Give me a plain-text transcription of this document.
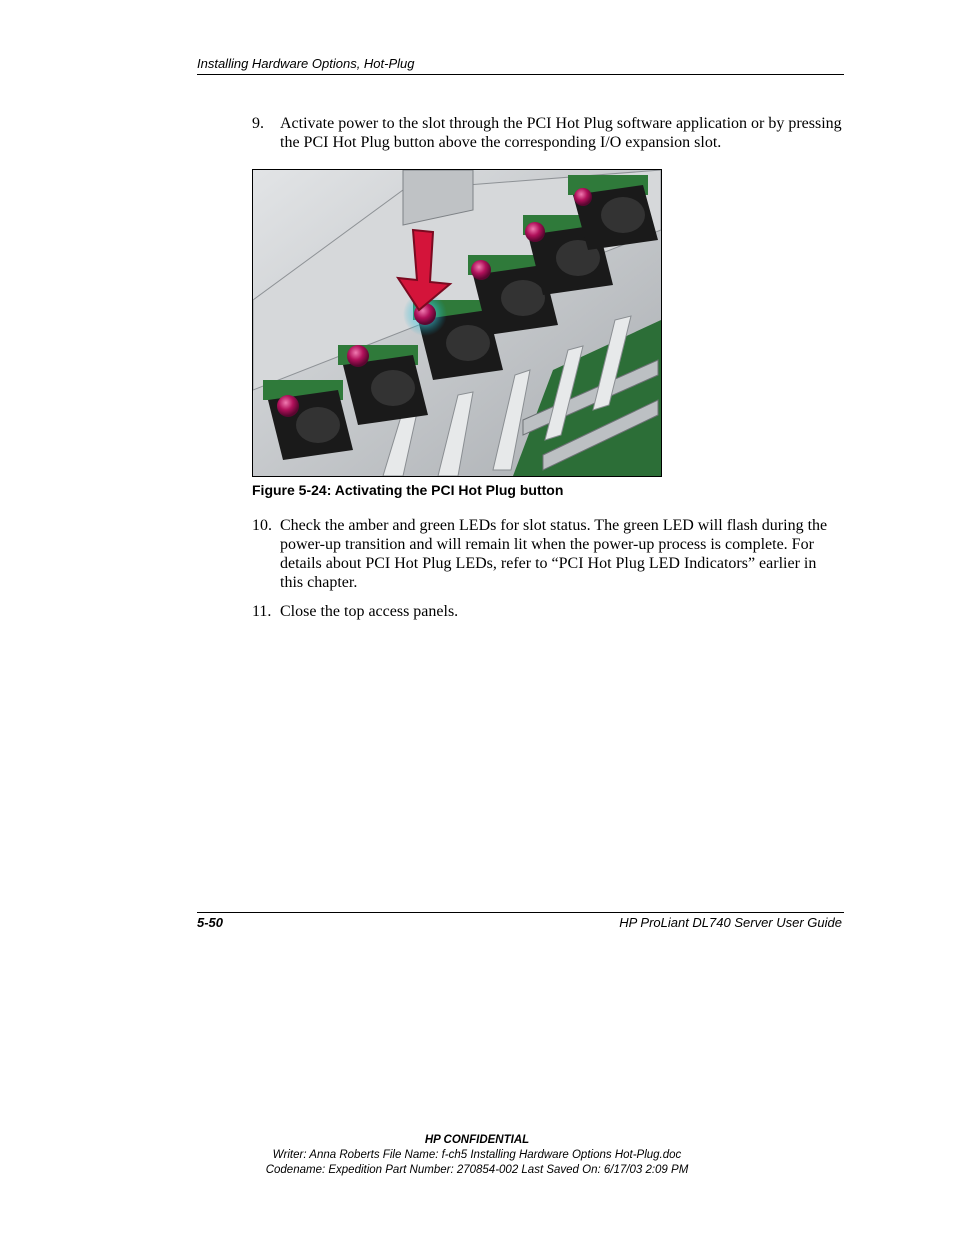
Installing Hardware Options, Hot-Plug
9. Activate power to the slot through the PCI Hot Plug software application or by pressing the PCI Hot Plug button above the corresponding I/O expansion slot.
Figure 5-24: Activating the PCI Hot Plug button
10. Check the amber and green LEDs for slot status. The green LED will flash during the power-up transition and will remain lit when the power-up process is complete. For details about PCI Hot Plug LEDs, refer to “PCI Hot Plug LED Indicators” earlier in this chapter.
11. Close the top access panels.
5-50	HP ProLiant DL740 Server User Guide
HP CONFIDENTIAL
Writer: Anna Roberts File Name: f-ch5 Installing Hardware Options Hot-Plug.doc
Codename: Expedition Part Number: 270854-002 Last Saved On: 6/17/03 2:09 PM
